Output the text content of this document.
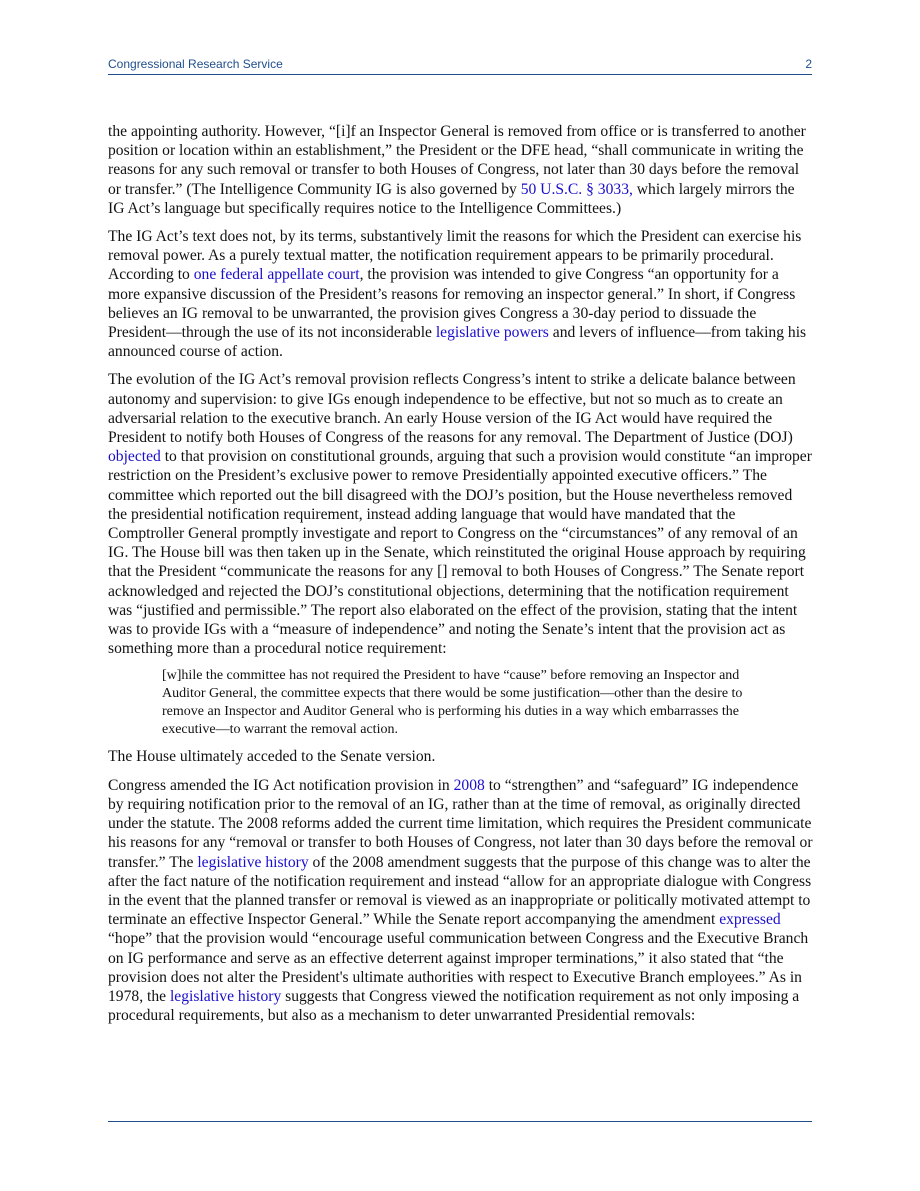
Congressional Research Service	2

the appointing authority. However, “[i]f an Inspector General is removed from office or is transferred to another position or location within an establishment,” the President or the DFE head, “shall communicate in writing the reasons for any such removal or transfer to both Houses of Congress, not later than 30 days before the removal or transfer.” (The Intelligence Community IG is also governed by 50 U.S.C. § 3033, which largely mirrors the IG Act’s language but specifically requires notice to the Intelligence Committees.)

The IG Act’s text does not, by its terms, substantively limit the reasons for which the President can exercise his removal power. As a purely textual matter, the notification requirement appears to be primarily procedural. According to one federal appellate court, the provision was intended to give Congress “an opportunity for a more expansive discussion of the President’s reasons for removing an inspector general.” In short, if Congress believes an IG removal to be unwarranted, the provision gives Congress a 30-day period to dissuade the President—through the use of its not inconsiderable legislative powers and levers of influence—from taking his announced course of action.

The evolution of the IG Act’s removal provision reflects Congress’s intent to strike a delicate balance between autonomy and supervision: to give IGs enough independence to be effective, but not so much as to create an adversarial relation to the executive branch. An early House version of the IG Act would have required the President to notify both Houses of Congress of the reasons for any removal. The Department of Justice (DOJ) objected to that provision on constitutional grounds, arguing that such a provision would constitute “an improper restriction on the President’s exclusive power to remove Presidentially appointed executive officers.” The committee which reported out the bill disagreed with the DOJ’s position, but the House nevertheless removed the presidential notification requirement, instead adding language that would have mandated that the Comptroller General promptly investigate and report to Congress on the “circumstances” of any removal of an IG. The House bill was then taken up in the Senate, which reinstituted the original House approach by requiring that the President “communicate the reasons for any [] removal to both Houses of Congress.” The Senate report acknowledged and rejected the DOJ’s constitutional objections, determining that the notification requirement was “justified and permissible.” The report also elaborated on the effect of the provision, stating that the intent was to provide IGs with a “measure of independence” and noting the Senate’s intent that the provision act as something more than a procedural notice requirement:

[w]hile the committee has not required the President to have “cause” before removing an Inspector and Auditor General, the committee expects that there would be some justification—other than the desire to remove an Inspector and Auditor General who is performing his duties in a way which embarrasses the executive—to warrant the removal action.

The House ultimately acceded to the Senate version.

Congress amended the IG Act notification provision in 2008 to “strengthen” and “safeguard” IG independence by requiring notification prior to the removal of an IG, rather than at the time of removal, as originally directed under the statute. The 2008 reforms added the current time limitation, which requires the President communicate his reasons for any “removal or transfer to both Houses of Congress, not later than 30 days before the removal or transfer.” The legislative history of the 2008 amendment suggests that the purpose of this change was to alter the after the fact nature of the notification requirement and instead “allow for an appropriate dialogue with Congress in the event that the planned transfer or removal is viewed as an inappropriate or politically motivated attempt to terminate an effective Inspector General.” While the Senate report accompanying the amendment expressed “hope” that the provision would “encourage useful communication between Congress and the Executive Branch on IG performance and serve as an effective deterrent against improper terminations,” it also stated that “the provision does not alter the President's ultimate authorities with respect to Executive Branch employees.” As in 1978, the legislative history suggests that Congress viewed the notification requirement as not only imposing a procedural requirements, but also as a mechanism to deter unwarranted Presidential removals:
